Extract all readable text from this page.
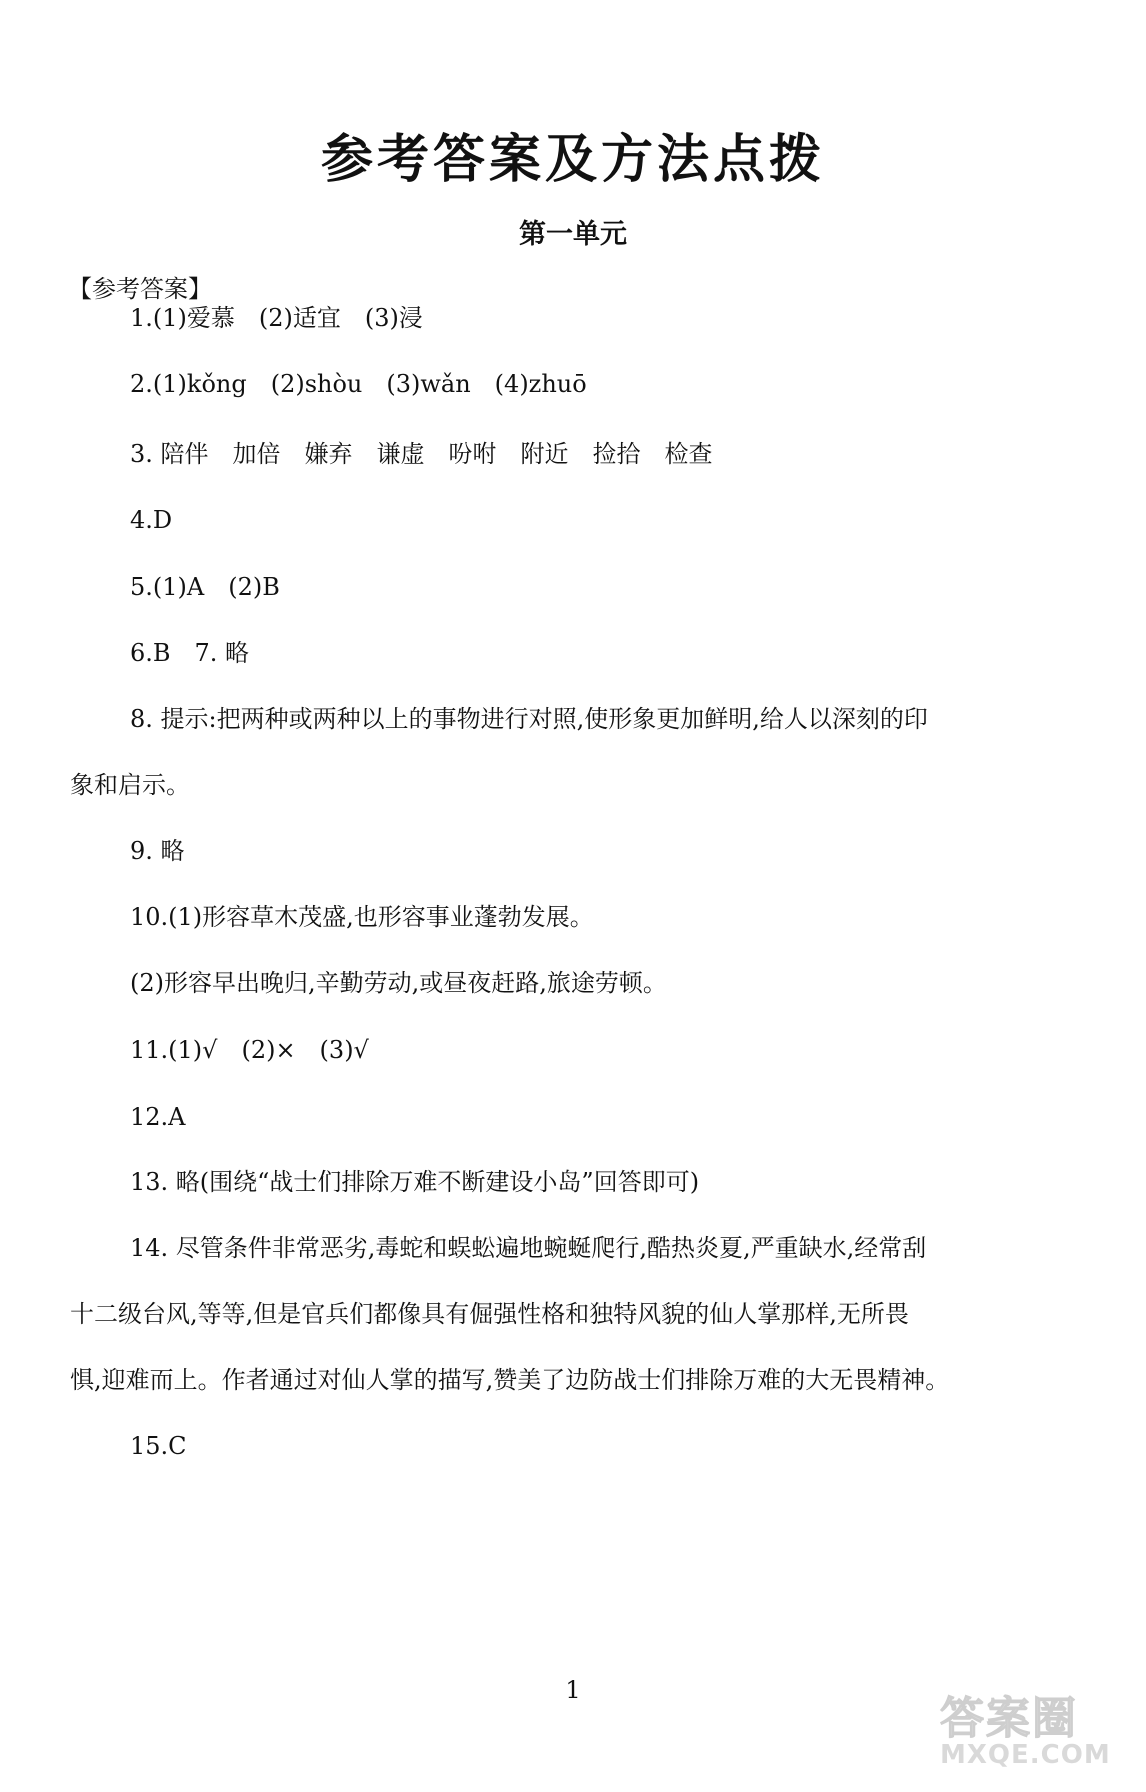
参考答案及方法点拨
第一单元
【参考答案】
1.(1)爱慕　(2)适宜　(3)浸
2.(1)kǒng　(2)shòu　(3)wǎn　(4)zhuō
3. 陪伴　加倍　嫌弃　谦虚　吩咐　附近　捡拾　检查
4.D
5.(1)A　(2)B
6.B　7. 略
8. 提示:把两种或两种以上的事物进行对照,使形象更加鲜明,给人以深刻的印
象和启示。
9. 略
10.(1)形容草木茂盛,也形容事业蓬勃发展。
(2)形容早出晚归,辛勤劳动,或昼夜赶路,旅途劳顿。
11.(1)√　(2)×　(3)√
12.A
13. 略(围绕“战士们排除万难不断建设小岛”回答即可)
14. 尽管条件非常恶劣,毒蛇和蜈蚣遍地蜿蜒爬行,酷热炎夏,严重缺水,经常刮
十二级台风,等等,但是官兵们都像具有倔强性格和独特风貌的仙人掌那样,无所畏
惧,迎难而上。作者通过对仙人掌的描写,赞美了边防战士们排除万难的大无畏精神。
15.C
1
答案圈
MXQE.COM
